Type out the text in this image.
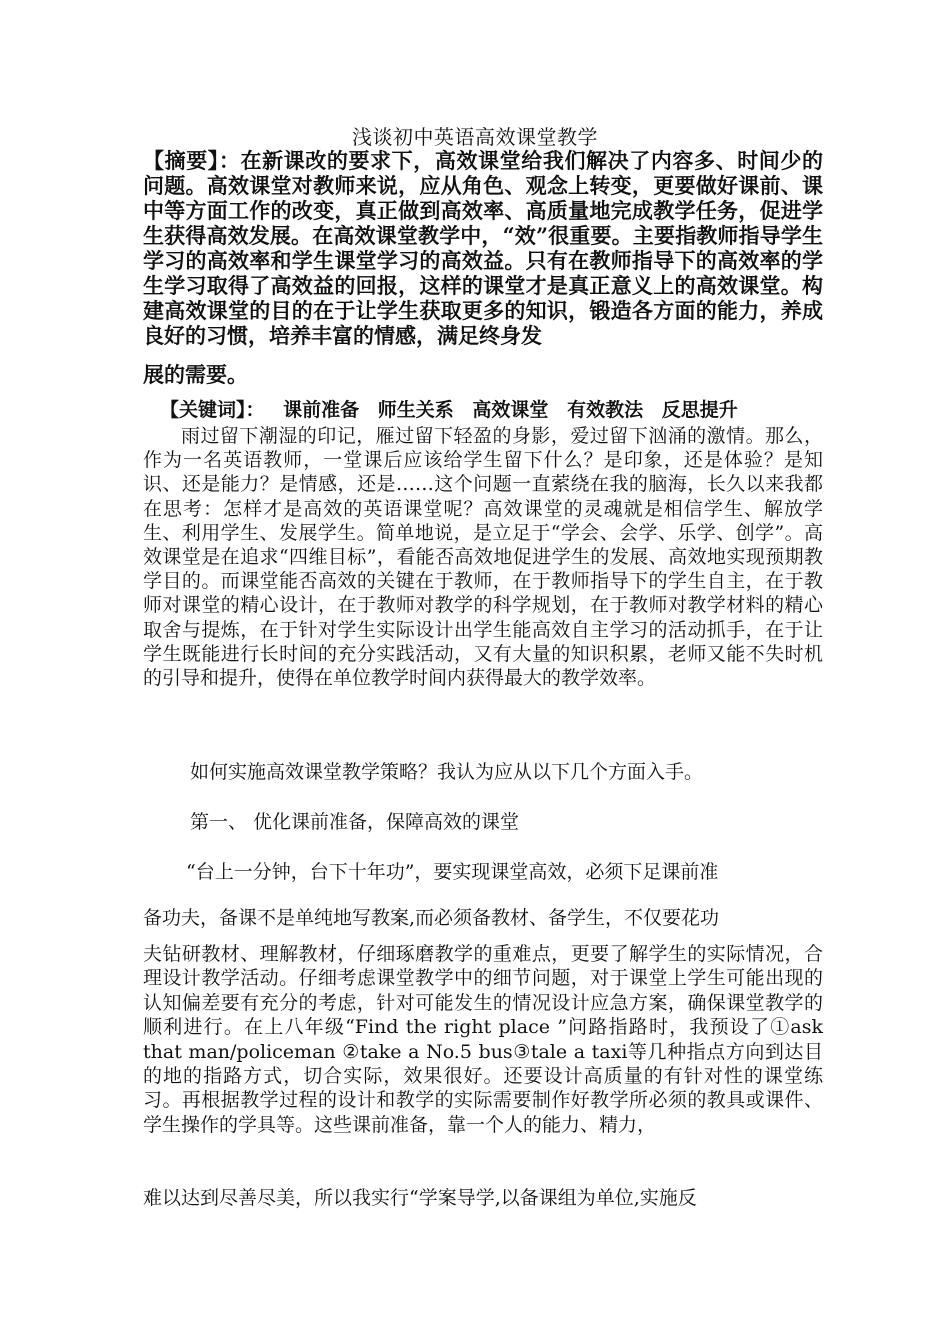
浅谈初中英语高效课堂教学

【摘要】：在新课改的要求下，高效课堂给我们解决了内容多、时间少的问题。高效课堂对教师来说，应从角色、观念上转变，更要做好课前、课中等方面工作的改变，真正做到高效率、高质量地完成教学任务，促进学生获得高效发展。在高效课堂教学中，“效”很重要。主要指教师指导学生学习的高效率和学生课堂学习的高效益。只有在教师指导下的高效率的学生学习取得了高效益的回报，这样的课堂才是真正意义上的高效课堂。构建高效课堂的目的在于让学生获取更多的知识，锻造各方面的能力，养成良好的习惯，培养丰富的情感，满足终身发
展的需要。

【关键词】： 课前准备 师生关系 高效课堂 有效教法 反思提升

雨过留下潮湿的印记，雁过留下轻盈的身影，爱过留下汹涌的激情。那么，作为一名英语教师，一堂课后应该给学生留下什么？是印象，还是体验？是知识、还是能力？是情感，还是……这个问题一直萦绕在我的脑海，长久以来我都在思考：怎样才是高效的英语课堂呢？高效课堂的灵魂就是相信学生、解放学生、利用学生、发展学生。简单地说，是立足于“学会、会学、乐学、创学”。高效课堂是在追求“四维目标”，看能否高效地促进学生的发展、高效地实现预期教学目的。而课堂能否高效的关键在于教师，在于教师指导下的学生自主，在于教师对课堂的精心设计，在于教师对教学的科学规划，在于教师对教学材料的精心取舍与提炼，在于针对学生实际设计出学生能高效自主学习的活动抓手，在于让学生既能进行长时间的充分实践活动，又有大量的知识积累，老师又能不失时机的引导和提升，使得在单位教学时间内获得最大的教学效率。

如何实施高效课堂教学策略？我认为应从以下几个方面入手。
第一、 优化课前准备，保障高效的课堂
“台上一分钟，台下十年功”，要实现课堂高效，必须下足课前准
备功夫，备课不是单纯地写教案,而必须备教材、备学生，不仅要花功

夫钻研教材、理解教材，仔细琢磨教学的重难点，更要了解学生的实际情况，合理设计教学活动。仔细考虑课堂教学中的细节问题，对于课堂上学生可能出现的认知偏差要有充分的考虑，针对可能发生的情况设计应急方案，确保课堂教学的顺利进行。在上八年级“Find the right place ”问路指路时，我预设了①ask that man/policeman ②take a No.5 bus③tale a taxi等几种指点方向到达目的地的指路方式，切合实际，效果很好。还要设计高质量的有针对性的课堂练习。再根据教学过程的设计和教学的实际需要制作好教学所必须的教具或课件、学生操作的学具等。这些课前准备，靠一个人的能力、精力，

难以达到尽善尽美，所以我实行“学案导学,以备课组为单位,实施反
